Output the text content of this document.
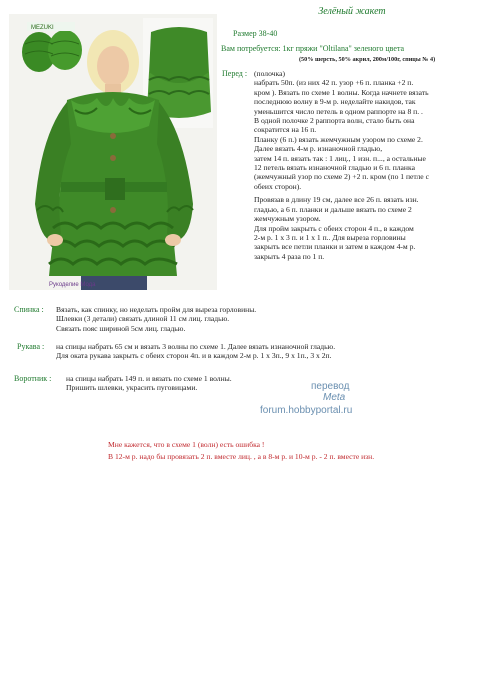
MEZUKI
Рукоделие Мода
Зелёный жакет
Размер 38-40
Вам потребуется: 1кг пряжи "Oltilana" зеленого цвета
(50% шерсть, 50% акрил, 200м/100г, спицы № 4)
Перед : (полочка)
набрать 50п. (из них 42 п. узор +6 п. планка +2 п.
кром ). Вязать по схеме 1 волны. Когда начнете вязать
последнюю волну в 9-м р. неделайте накидов, так
уменьшится число петель в одном раппорте на 8 п. .
В одной полочке 2 раппорта волн, стало быть она
сократится на 16 п.
Планку (6 п.) вязать жемчужным узором по схеме 2.
Далее вязать 4-м р. изнаночной гладью,
затем 14 п. вязать так : 1 лиц., 1 изн. п..., а остальные
12 петель вязать изнаночной гладью и 6 п. планка
(жемчужный узор по схеме 2) +2 п. кром (по 1 петле с
обеих сторон).
Провязав в длину 19 см, далее все 26 п. вязать изн.
гладью, а 6 п. планки и дальше вязать по схеме 2
жемчужным узором.
Для пройм закрыть с обеих сторон 4 п., в каждом
2-м р. 1 х 3 п. и 1 х 1 п.. Для выреза горловины
закрыть все петли планки и затем в каждом 4-м р.
закрыть 4 раза по 1 п.
Спинка : Вязать, как спинку, но неделать пройм для выреза горловины.
Шлевки (3 детали) связать длиной 11 см лиц. гладью.
Связать пояс шириной 5см лиц. гладью.
Рукава : на спицы набрать 65 см и вязать 3 волны по схеме 1. Далее вязать изнаночной гладью.
Для оката рукава закрыть с обеих сторон 4п. и в каждом 2-м р. 1 х 3п., 9 х 1п., 3 х 2п.
Воротник : на спицы набрать 149 п. и вязать по схеме 1 волны.
Пришить шлевки, украсить пуговицами.	перевод
Meta
forum.hobbyportal.ru
Мне кажется, что в схеме 1 (волн) есть ошибка !
В 12-м р. надо бы провязать 2 п. вместе лиц. , а в 8-м р. и 10-м р. - 2 п. вместе изн.
